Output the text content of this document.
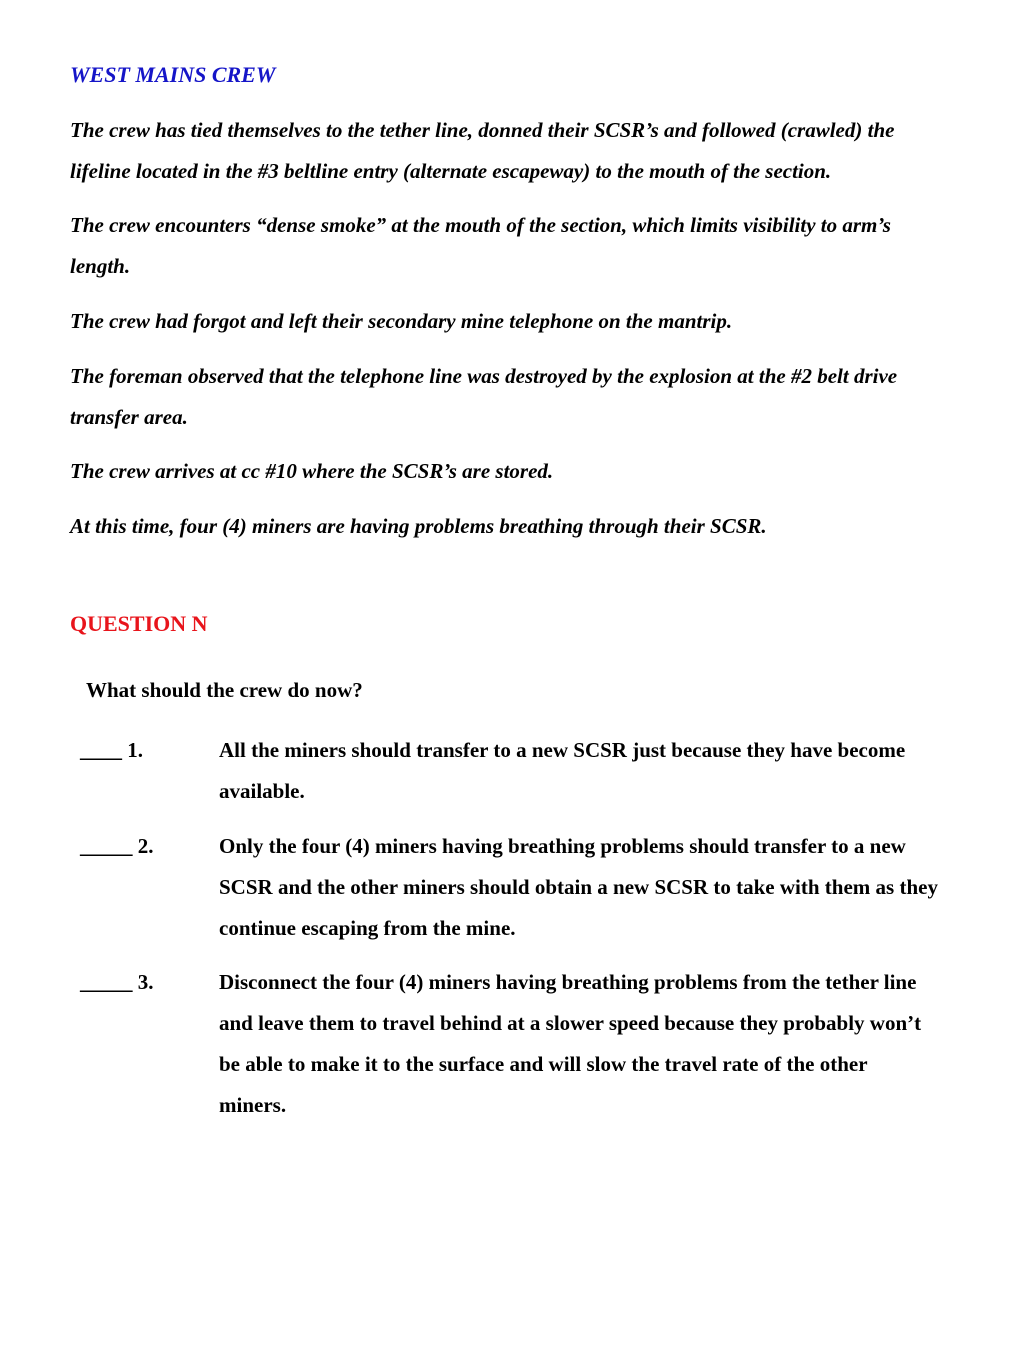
WEST MAINS CREW

The crew has tied themselves to the tether line, donned their SCSR’s and followed (crawled) the lifeline located in the #3 beltline entry (alternate escapeway) to the mouth of the section.

The crew encounters “dense smoke” at the mouth of the section, which limits visibility to arm’s length.

The crew had forgot and left their secondary mine telephone on the mantrip.

The foreman observed that the telephone line was destroyed by the explosion at the #2 belt drive transfer area.

The crew arrives at cc #10 where the SCSR’s are stored.

At this time, four (4) miners are having problems breathing through their SCSR.

QUESTION N

What should the crew do now?

____ 1.	All the miners should transfer to a new SCSR just because they have become available.
_____ 2.	Only the four (4) miners having breathing problems should transfer to a new SCSR and the other miners should obtain a new SCSR to take with them as they continue escaping from the mine.
_____ 3.	Disconnect the four (4) miners having breathing problems from the tether line and leave them to travel behind at a slower speed because they probably won’t be able to make it to the surface and will slow the travel rate of the other miners.
